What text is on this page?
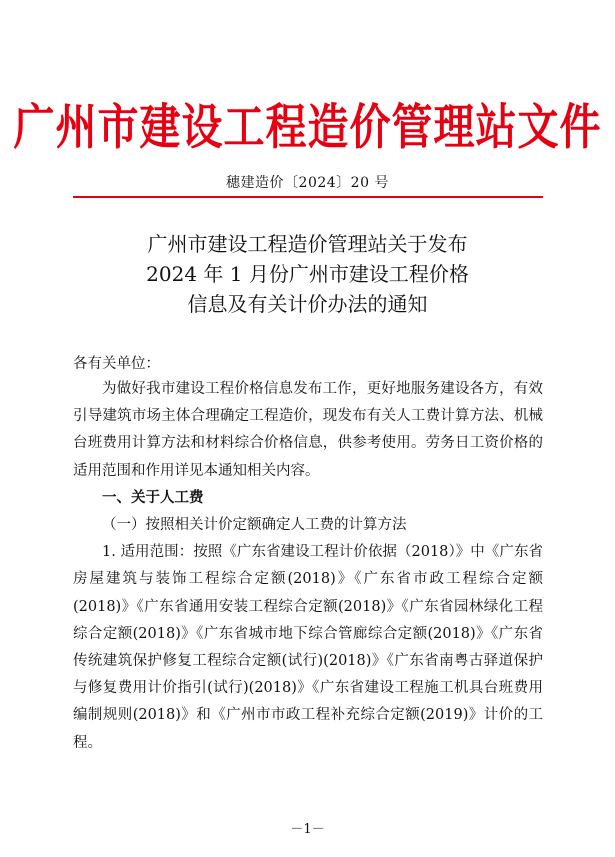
广州市建设工程造价管理站文件
穗建造价〔2024〕20 号
广州市建设工程造价管理站关于发布
2024 年 1 月份广州市建设工程价格
信息及有关计价办法的通知
各有关单位：

为做好我市建设工程价格信息发布工作，更好地服务建设各方，有效引导建筑市场主体合理确定工程造价，现发布有关人工费计算方法、机械台班费用计算方法和材料综合价格信息，供参考使用。劳务日工资价格的适用范围和作用详见本通知相关内容。

一、关于人工费

（一）按照相关计价定额确定人工费的计算方法

1. 适用范围：按照《广东省建设工程计价依据（2018）》中《广东省房屋建筑与装饰工程综合定额(2018)》《广东省市政工程综合定额(2018)》《广东省通用安装工程综合定额(2018)》《广东省园林绿化工程综合定额(2018)》《广东省城市地下综合管廊综合定额(2018)》《广东省传统建筑保护修复工程综合定额(试行)(2018)》《广东省南粤古驿道保护与修复费用计价指引(试行)(2018)》《广东省建设工程施工机具台班费用编制规则(2018)》和《广州市市政工程补充综合定额(2019)》计价的工程。

－1－
